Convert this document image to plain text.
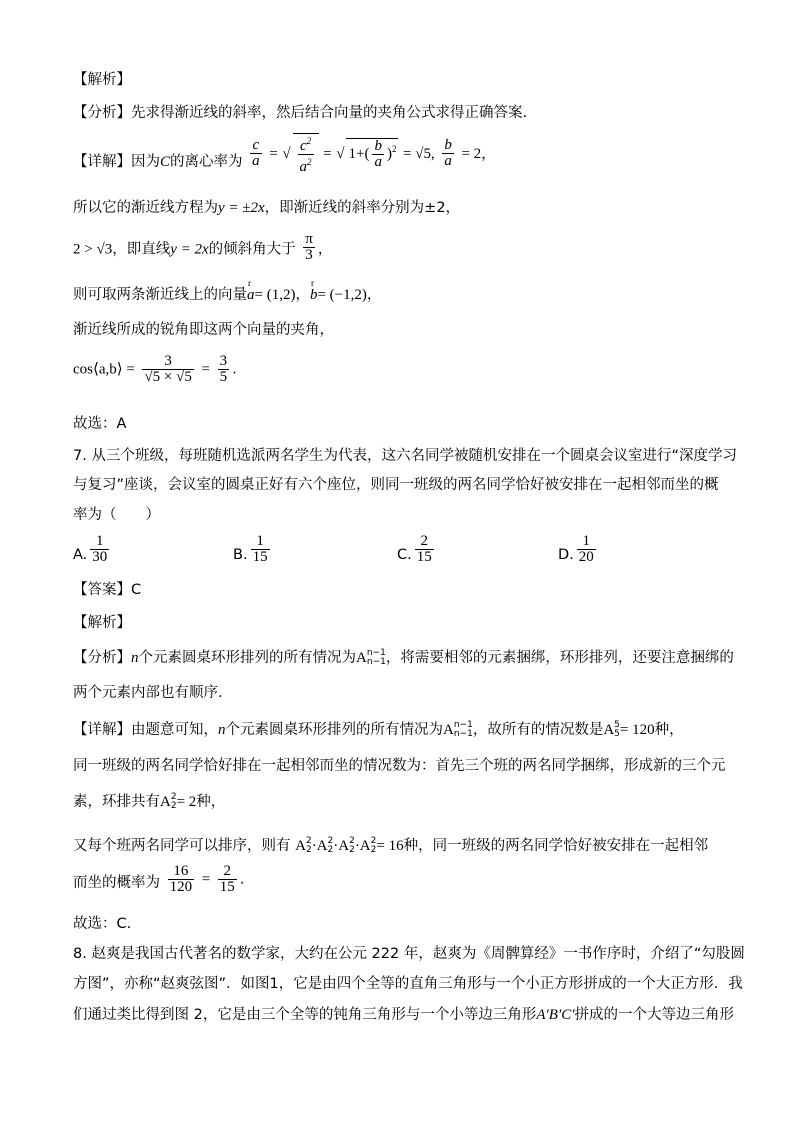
【解析】
【分析】先求得渐近线的斜率，然后结合向量的夹角公式求得正确答案.
【详解】因为C的离心率为 $\frac{c}{a}$ = √ $\frac{c^2}{a^2}$ = √ $1+( \frac{b}{a} )^2 = √5$, $\frac{b}{a} = 2$，
所以它的渐近线方程为y = ±2x，即渐近线的斜率分别为±2，
2 > √3，即直线y = 2x的倾斜角大于 $\frac{\pi}{3}$ ，
则可取两条渐近线上的向量r a= (1,2)，r b= (−1,2)，
渐近线所成的锐角即这两个向量的夹角，
cos⟨a,b⟩ = $\frac{3}{√5 \times √5} = \frac{3}{5}$ .
故选：A
7. 从三个班级，每班随机选派两名学生为代表，这六名同学被随机安排在一个圆桌会议室进行“深度学习
与复习”座谈，会议室的圆桌正好有六个座位，则同一班级的两名同学恰好被安排在一起相邻而坐的概
率为（　　）
A. $\frac{1}{30}$	B. $\frac{1}{15}$	C. $\frac{2}{15}$	D. $\frac{1}{20}$
【答案】C
【解析】
【分析】n个元素圆桌环形排列的所有情况为A n−1
n−1 ，将需要相邻的元素捆绑，环形排列，还要注意捆绑的
两个元素内部也有顺序.
【详解】由题意可知，n个元素圆桌环形排列的所有情况为A n−1
n−1 ，故所有的情况数是A 5
5 = 120种，
同一班级的两名同学恰好排在一起相邻而坐的情况数为：首先三个班的两名同学捆绑，形成新的三个元
素，环排共有A 2
2 = 2种，
又每个班两名同学可以排序，则有 A 2
2 ·A 2
2 ·A 2
2 ·A 2
2 = 16种，同一班级的两名同学恰好被安排在一起相邻
而坐的概率为 $\frac{16}{120} = \frac{2}{15}$ .
故选：C.
8. 赵爽是我国古代著名的数学家，大约在公元 222 年，赵爽为《周髀算经》一书作序时，介绍了“勾股圆
方图”，亦称“赵爽弦图”．如图1，它是由四个全等的直角三角形与一个小正方形拼成的一个大正方形．我
们通过类比得到图 2，它是由三个全等的钝角三角形与一个小等边三角形A′B′C′拼成的一个大等边三角形
